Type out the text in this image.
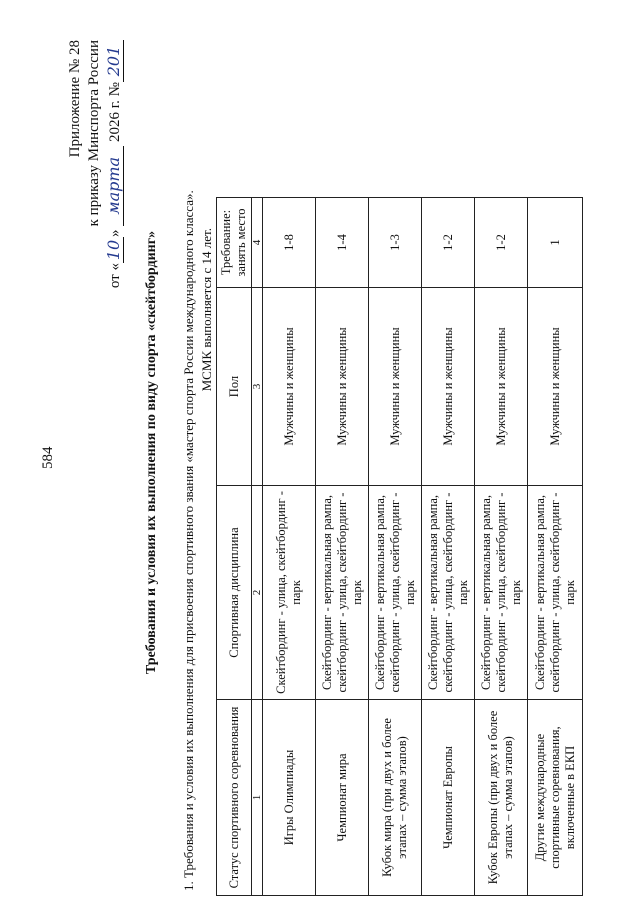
584
Приложение № 28 к приказу Минспорта России
от «10» марта 2026 г. №201
Требования и условия их выполнения по виду спорта «скейтбординг» 1. Требования и условия их выполнения для присвоения спортивного звания «мастер спорта России международного класса». МСМК выполняется с 14 лет.
Статус спортивного соревнования	Спортивная дисциплина	Пол	Требование: занять место
1	2	3	4
Игры Олимпиады	Скейтбординг - улица, скейтбординг - парк	Мужчины и женщины	1-8
Чемпионат мира	Скейтбординг - вертикальная рампа, скейтбординг - улица, скейтбординг - парк	Мужчины и женщины	1-4
Кубок мира (при двух и более этапах – сумма этапов)	Скейтбординг - вертикальная рампа, скейтбординг - улица, скейтбординг - парк	Мужчины и женщины	1-3
Чемпионат Европы	Скейтбординг - вертикальная рампа, скейтбординг - улица, скейтбординг - парк	Мужчины и женщины	1-2
Кубок Европы (при двух и более этапах – сумма этапов)	Скейтбординг - вертикальная рампа, скейтбординг - улица, скейтбординг - парк	Мужчины и женщины	1-2
Другие международные спортивные соревнования, включенные в ЕКП	Скейтбординг - вертикальная рампа, скейтбординг - улица, скейтбординг - парк	Мужчины и женщины	1
